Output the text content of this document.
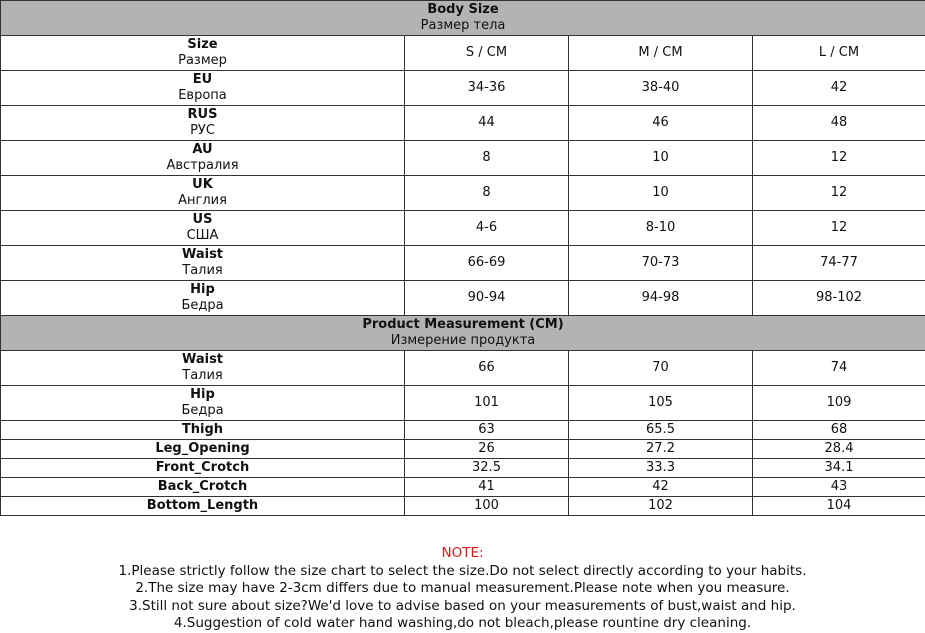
Body Size
Размер тела			

Size
Размер	S / CM	M / CM	L / CM

EU
Европа	34-36	38-40	42

RUS
РУС	44	46	48

AU
Австралия	8	10	12

UK
Англия	8	10	12

US
США	4-6	8-10	12

Waist
Талия	66-69	70-73	74-77

Hip
Бедра	90-94	94-98	98-102

Product Measurement (CM)
Измерение продукта			

Waist
Талия	66	70	74

Hip
Бедра	101	105	109

Thigh	63	65.5	68

Leg_Opening	26	27.2	28.4

Front_Crotch	32.5	33.3	34.1

Back_Crotch	41	42	43

Bottom_Length	100	102	104
NOTE:
1.Please strictly follow the size chart to select the size.Do not select directly according to your habits.
2.The size may have 2-3cm differs due to manual measurement.Please note when you measure.
3.Still not sure about size?We'd love to advise based on your measurements of bust,waist and hip.
4.Suggestion of cold water hand washing,do not bleach,please rountine dry cleaning.
